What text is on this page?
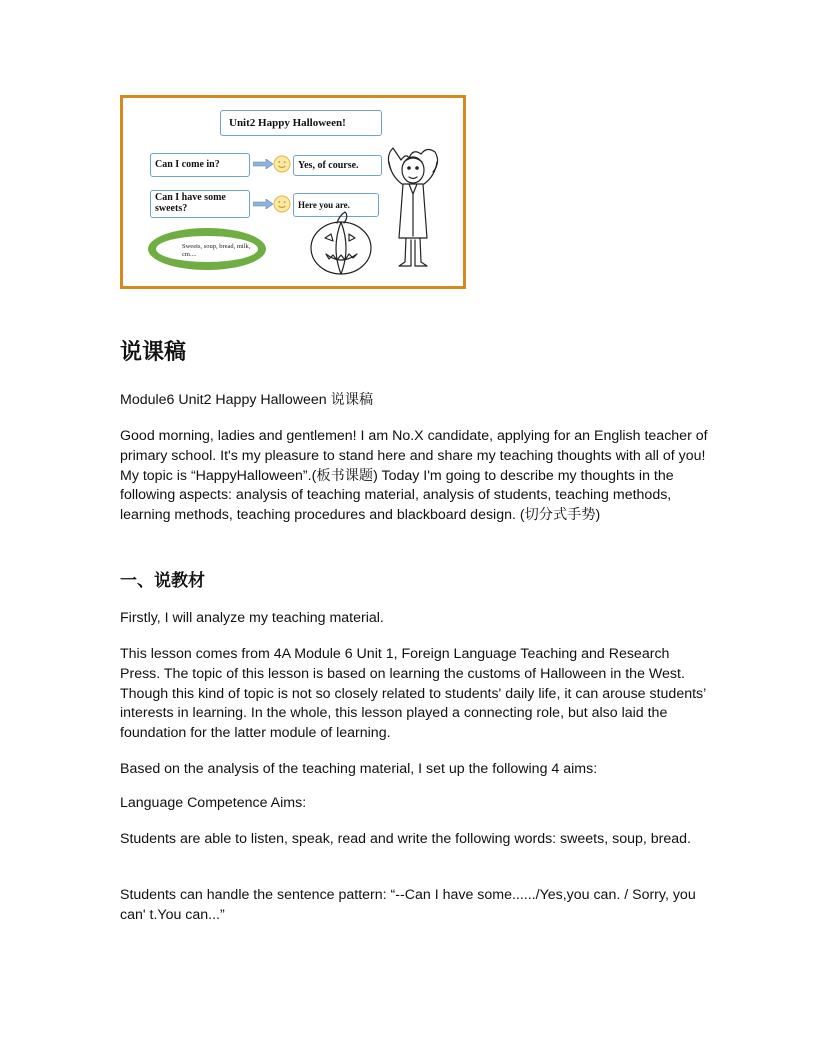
Unit2 Happy Halloween!
Can I come in?	Yes, of course.
Can I have some sweets?	Here you are.
Sweets, soup, bread, milk, cm....
说课稿

Module6 Unit2 Happy Halloween 说课稿

Good morning, ladies and gentlemen! I am No.X candidate, applying for an English teacher of primary school. It's my pleasure to stand here and share my teaching thoughts with all of you! My topic is “HappyHalloween”.(板书课题) Today I'm going to describe my thoughts in the following aspects: analysis of teaching material, analysis of students, teaching methods, learning methods, teaching procedures and blackboard design. (切分式手势)

一、说教材

Firstly, I will analyze my teaching material.

This lesson comes from 4A Module 6 Unit 1, Foreign Language Teaching and Research Press. The topic of this lesson is based on learning the customs of Halloween in the West. Though this kind of topic is not so closely related to students' daily life, it can arouse students’ interests in learning. In the whole, this lesson played a connecting role, but also laid the foundation for the latter module of learning.

Based on the analysis of the teaching material, I set up the following 4 aims:

Language Competence Aims:

Students are able to listen, speak, read and write the following words: sweets, soup, bread.

Students can handle the sentence pattern: “--Can I have some....../Yes,you can. / Sorry, you can' t.You can...”
